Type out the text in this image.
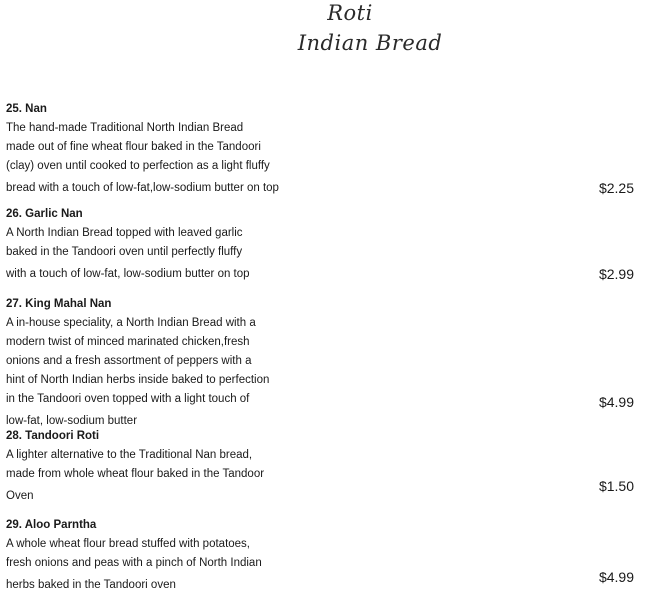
Roti
Indian Bread
25. Nan
The hand-made Traditional North Indian Bread
made out of fine wheat flour baked in the Tandoori
(clay) oven until cooked to perfection as a light fluffy
bread with a touch of low-fat,low-sodium butter on top	$2.25
26. Garlic Nan
A North Indian Bread topped with leaved garlic
baked in the Tandoori oven until perfectly fluffy
with a touch of low-fat, low-sodium butter on top	$2.99
27. King Mahal Nan
A in-house speciality, a North Indian Bread with a
modern twist of minced marinated chicken,fresh
onions and a fresh assortment of peppers with a
hint of North Indian herbs inside baked to perfection
in the Tandoori oven topped with a light touch of
low-fat, low-sodium butter
$4.99
28. Tandoori Roti
A lighter alternative to the Traditional Nan bread,
made from whole wheat flour baked in the Tandoor
Oven
$1.50
29. Aloo Parntha
A whole wheat flour bread stuffed with potatoes,
fresh onions and peas with a pinch of North Indian
herbs baked in the Tandoori oven	$4.99
